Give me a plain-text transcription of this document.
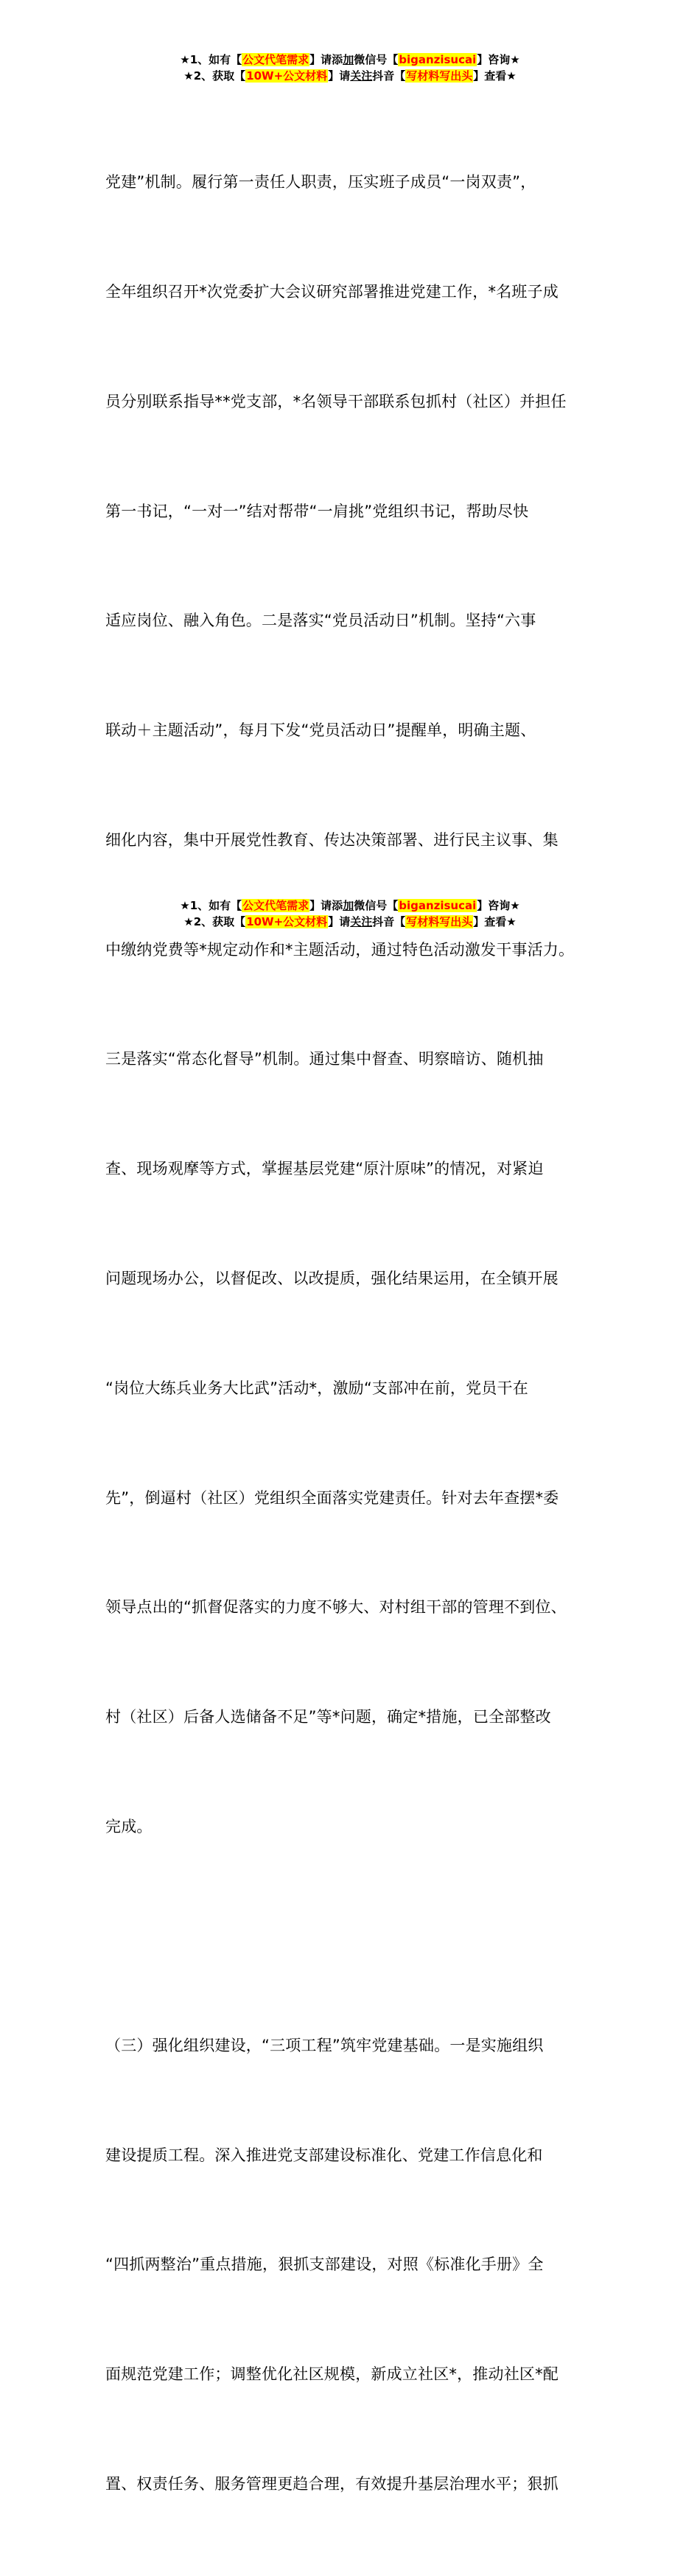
★1、如有【公文代笔需求】请添加微信号【biganzisucai】咨询★
★2、获取【10W+公文材料】请关注抖音【写材料写出头】查看★

党建”机制。履行第一责任人职责，压实班子成员“一岗双责”，

全年组织召开*次党委扩大会议研究部署推进党建工作，*名班子成

员分别联系指导**党支部，*名领导干部联系包抓村（社区）并担任

第一书记，“一对一”结对帮带“一肩挑”党组织书记，帮助尽快

适应岗位、融入角色。二是落实“党员活动日”机制。坚持“六事

联动＋主题活动”，每月下发“党员活动日”提醒单，明确主题、

细化内容，集中开展党性教育、传达决策部署、进行民主议事、集

中缴纳党费等*规定动作和*主题活动，通过特色活动激发干事活力。

三是落实“常态化督导”机制。通过集中督查、明察暗访、随机抽

查、现场观摩等方式，掌握基层党建“原汁原味”的情况，对紧迫

问题现场办公，以督促改、以改提质，强化结果运用，在全镇开展

“岗位大练兵业务大比武”活动*，激励“支部冲在前，党员干在

先”，倒逼村（社区）党组织全面落实党建责任。针对去年查摆*委

领导点出的“抓督促落实的力度不够大、对村组干部的管理不到位、

村（社区）后备人选储备不足”等*问题，确定*措施，已全部整改

完成。

（三）强化组织建设，“三项工程”筑牢党建基础。一是实施组织

建设提质工程。深入推进党支部建设标准化、党建工作信息化和

“四抓两整治”重点措施，狠抓支部建设，对照《标准化手册》全

面规范党建工作；调整优化社区规模，新成立社区*，推动社区*配

置、权责任务、服务管理更趋合理，有效提升基层治理水平；狠抓

★1、如有【公文代笔需求】请添加微信号【biganzisucai】咨询★
★2、获取【10W+公文材料】请关注抖音【写材料写出头】查看★
